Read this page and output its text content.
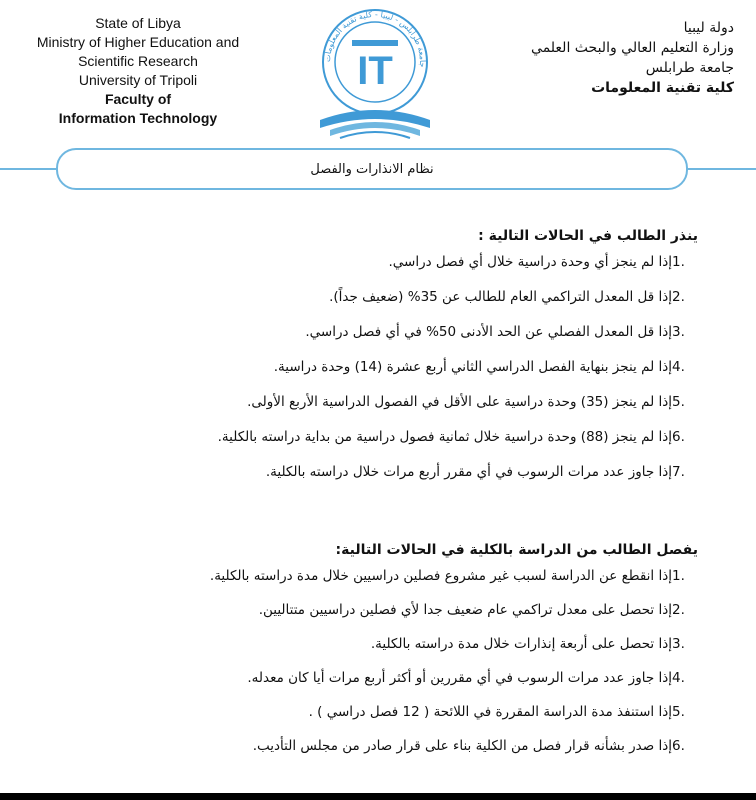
State of Libya
Ministry of Higher Education and
Scientific Research
University of Tripoli
Faculty of
Information Technology
جامعة طرابلس - ليبيا - كلية تقنية المعلومات
IT
دولة ليبيا
وزارة التعليم العالي والبحث العلمي
جامعة طرابلس
كلية تقنية المعلومات
نظام الانذارات والفصل
ينذر الطالب في الحالات التالية :
1.إذا لم ينجز أي وحدة دراسية خلال أي فصل دراسي.
2.إذا قل المعدل التراكمي العام للطالب عن 35% (ضعيف جداً).
3.إذا قل المعدل الفصلي عن الحد الأدنى 50% في أي فصل دراسي.
4.إذا لم ينجز بنهاية الفصل الدراسي الثاني أربع عشرة (14) وحدة دراسية.
5.إذا لم ينجز (35) وحدة دراسية على الأقل في الفصول الدراسية الأربع الأولى.
6.إذا لم ينجز (88) وحدة دراسية خلال ثمانية فصول دراسية من بداية دراسته بالكلية.
7.إذا جاوز عدد مرات الرسوب في أي مقرر أربع مرات خلال دراسته بالكلية.
يفصل الطالب من الدراسة بالكلية في الحالات التالية:
1.إذا انقطع عن الدراسة لسبب غير مشروع فصلين دراسيين خلال مدة دراسته بالكلية.
2.إذا تحصل على معدل تراكمي عام ضعيف جدا لأي فصلين دراسيين متتاليين.
3.إذا تحصل على أربعة إنذارات خلال مدة دراسته بالكلية.
4.إذا جاوز عدد مرات الرسوب في أي مقررين أو أكثر أربع مرات أيا كان معدله.
5.إذا استنفذ مدة الدراسة المقررة في اللائحة ( 12 فصل دراسي ) .
6.إذا صدر بشأنه قرار فصل من الكلية بناء على قرار صادر من مجلس التأديب.
